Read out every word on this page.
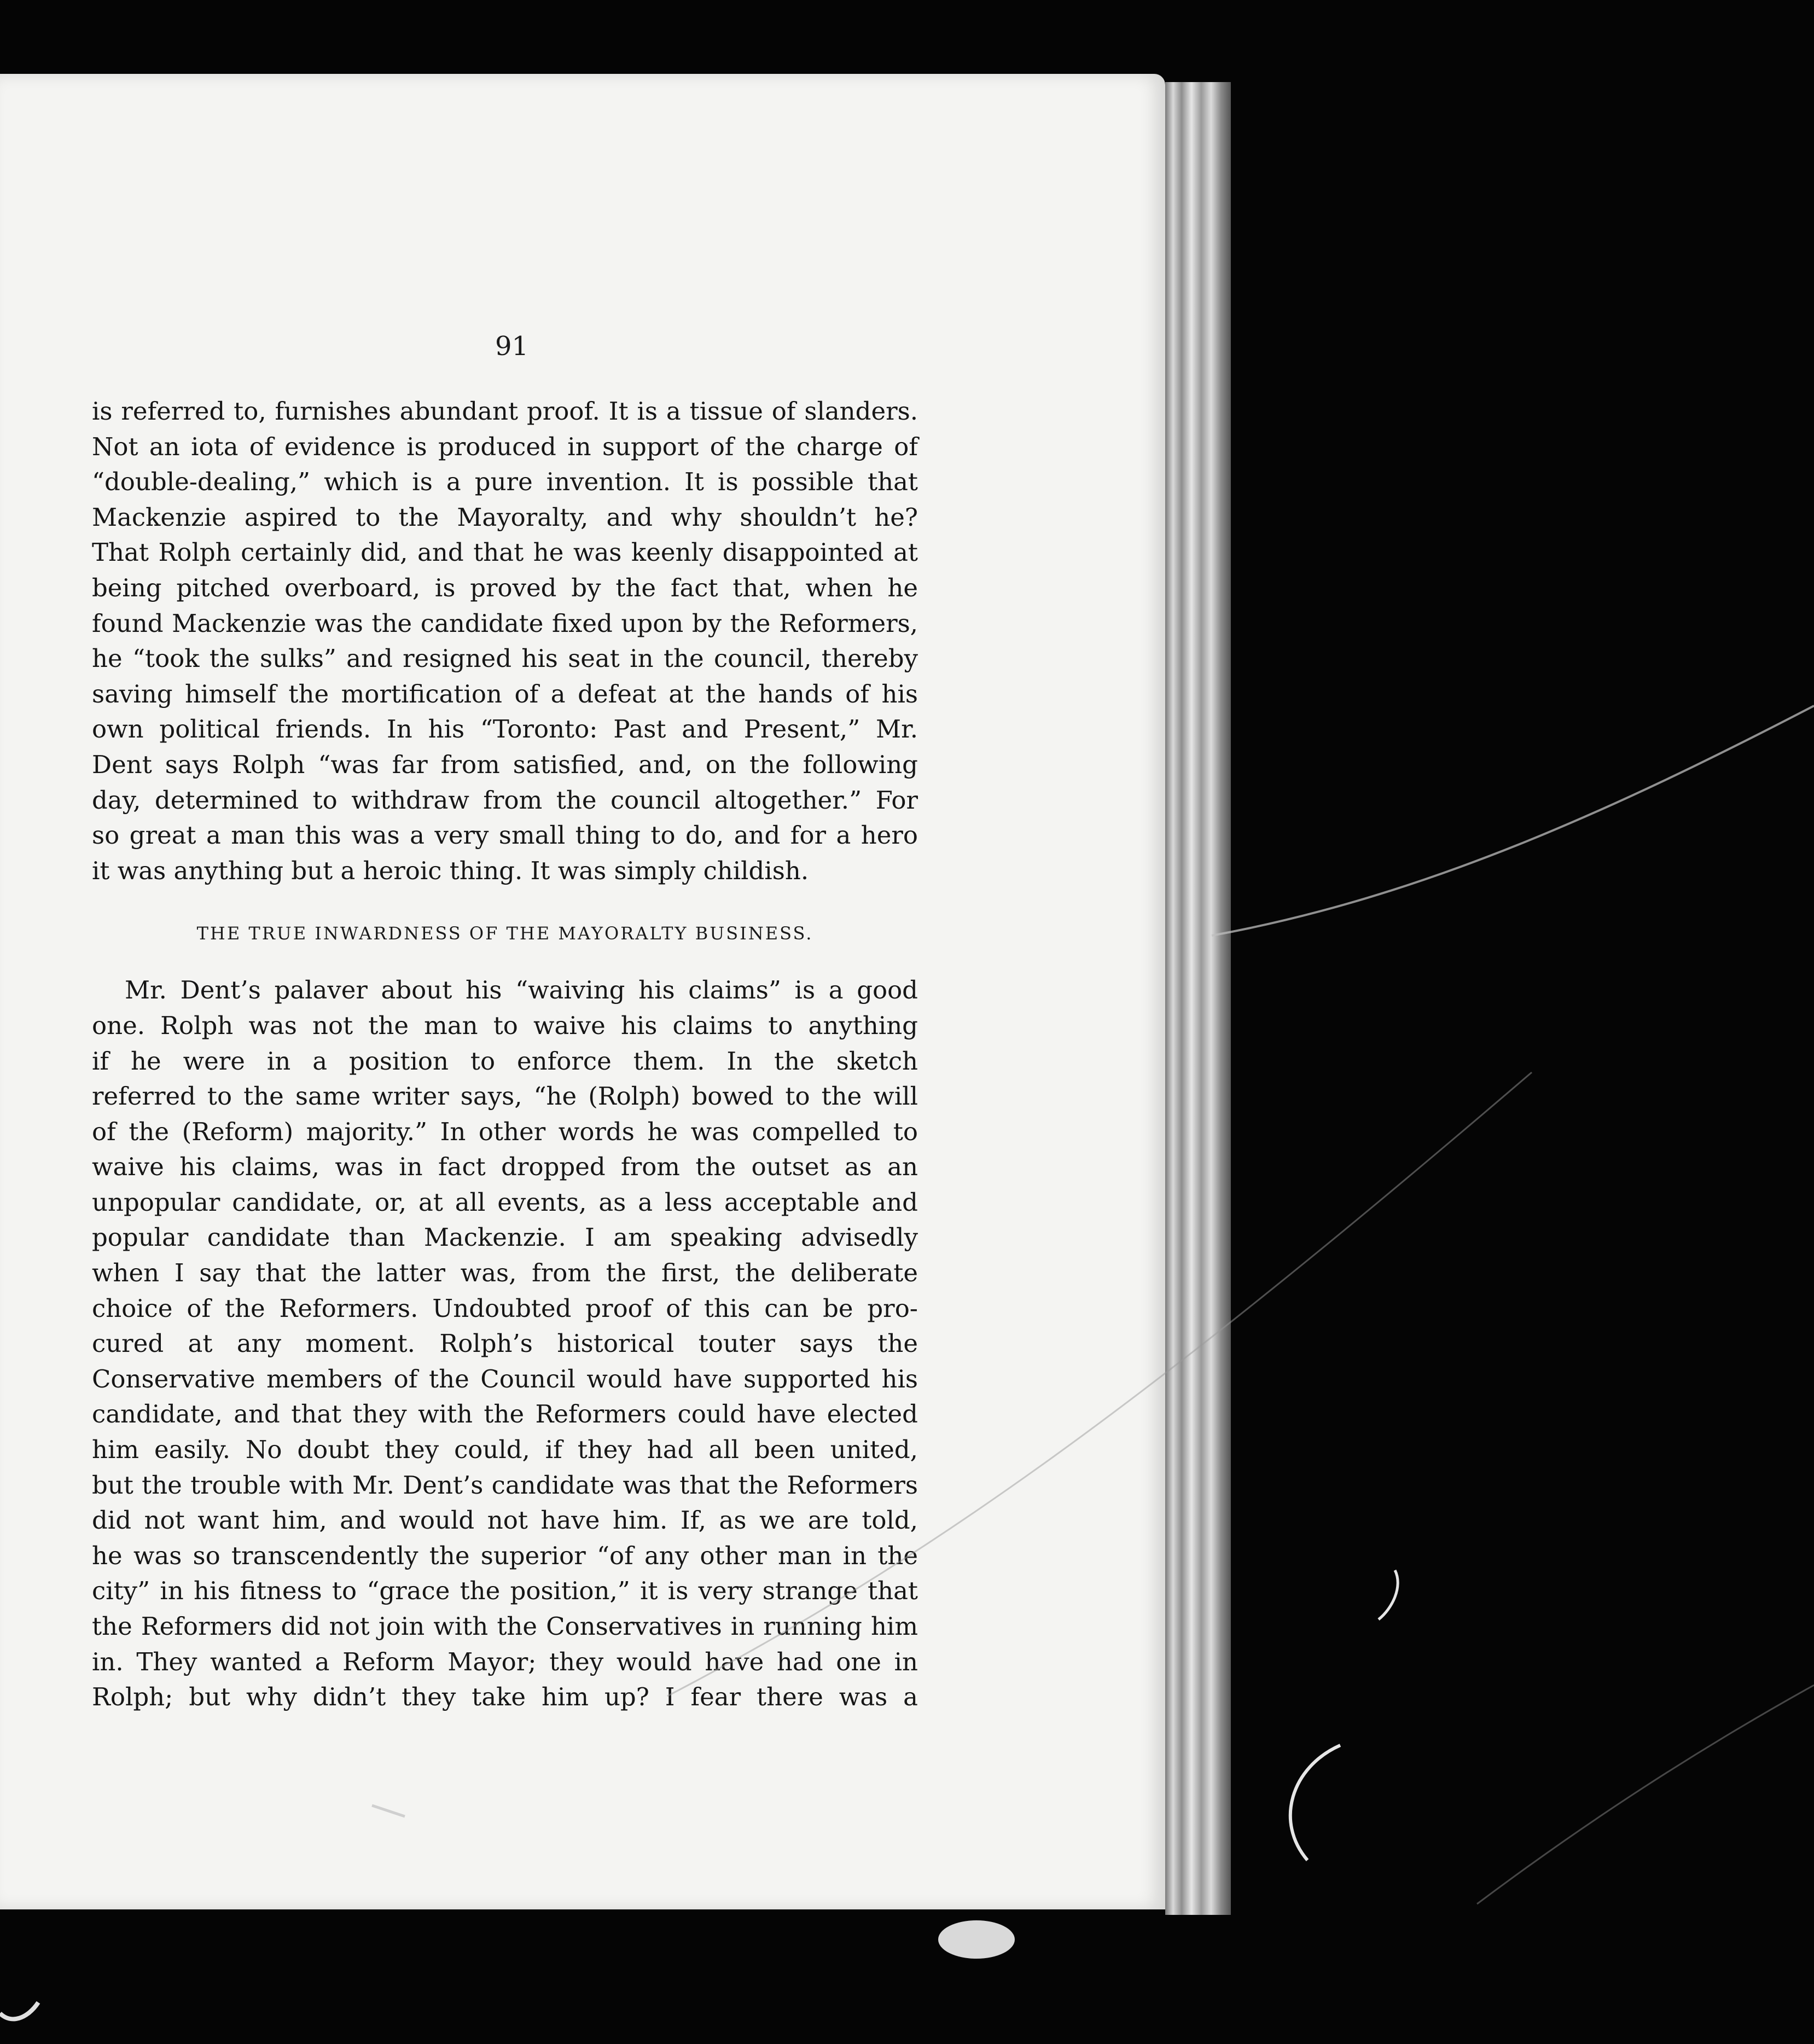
91
is referred to, furnishes abundant proof. It is a tissue of slanders.
Not an iota of evidence is produced in support of the charge of
“double-dealing,” which is a pure invention. It is possible that
Mackenzie aspired to the Mayoralty, and why shouldn’t he?
That Rolph certainly did, and that he was keenly disappointed at
being pitched overboard, is proved by the fact that, when he
found Mackenzie was the candidate fixed upon by the Reformers,
he “took the sulks” and resigned his seat in the council, thereby
saving himself the mortification of a defeat at the hands of his
own political friends. In his “Toronto: Past and Present,” Mr.
Dent says Rolph “was far from satisfied, and, on the following
day, determined to withdraw from the council altogether.” For
so great a man this was a very small thing to do, and for a hero
it was anything but a heroic thing. It was simply childish.
THE TRUE INWARDNESS OF THE MAYORALTY BUSINESS.
Mr. Dent’s palaver about his “waiving his claims” is a good
one. Rolph was not the man to waive his claims to anything
if he were in a position to enforce them. In the sketch
referred to the same writer says, “he (Rolph) bowed to the will
of the (Reform) majority.” In other words he was compelled to
waive his claims, was in fact dropped from the outset as an
unpopular candidate, or, at all events, as a less acceptable and
popular candidate than Mackenzie. I am speaking advisedly
when I say that the latter was, from the first, the deliberate
choice of the Reformers. Undoubted proof of this can be pro-
cured at any moment. Rolph’s historical touter says the
Conservative members of the Council would have supported his
candidate, and that they with the Reformers could have elected
him easily. No doubt they could, if they had all been united,
but the trouble with Mr. Dent’s candidate was that the Reformers
did not want him, and would not have him. If, as we are told,
he was so transcendently the superior “of any other man in the
city” in his fitness to “grace the position,” it is very strange that
the Reformers did not join with the Conservatives in running him
in. They wanted a Reform Mayor; they would have had one in
Rolph; but why didn’t they take him up? I fear there was a
